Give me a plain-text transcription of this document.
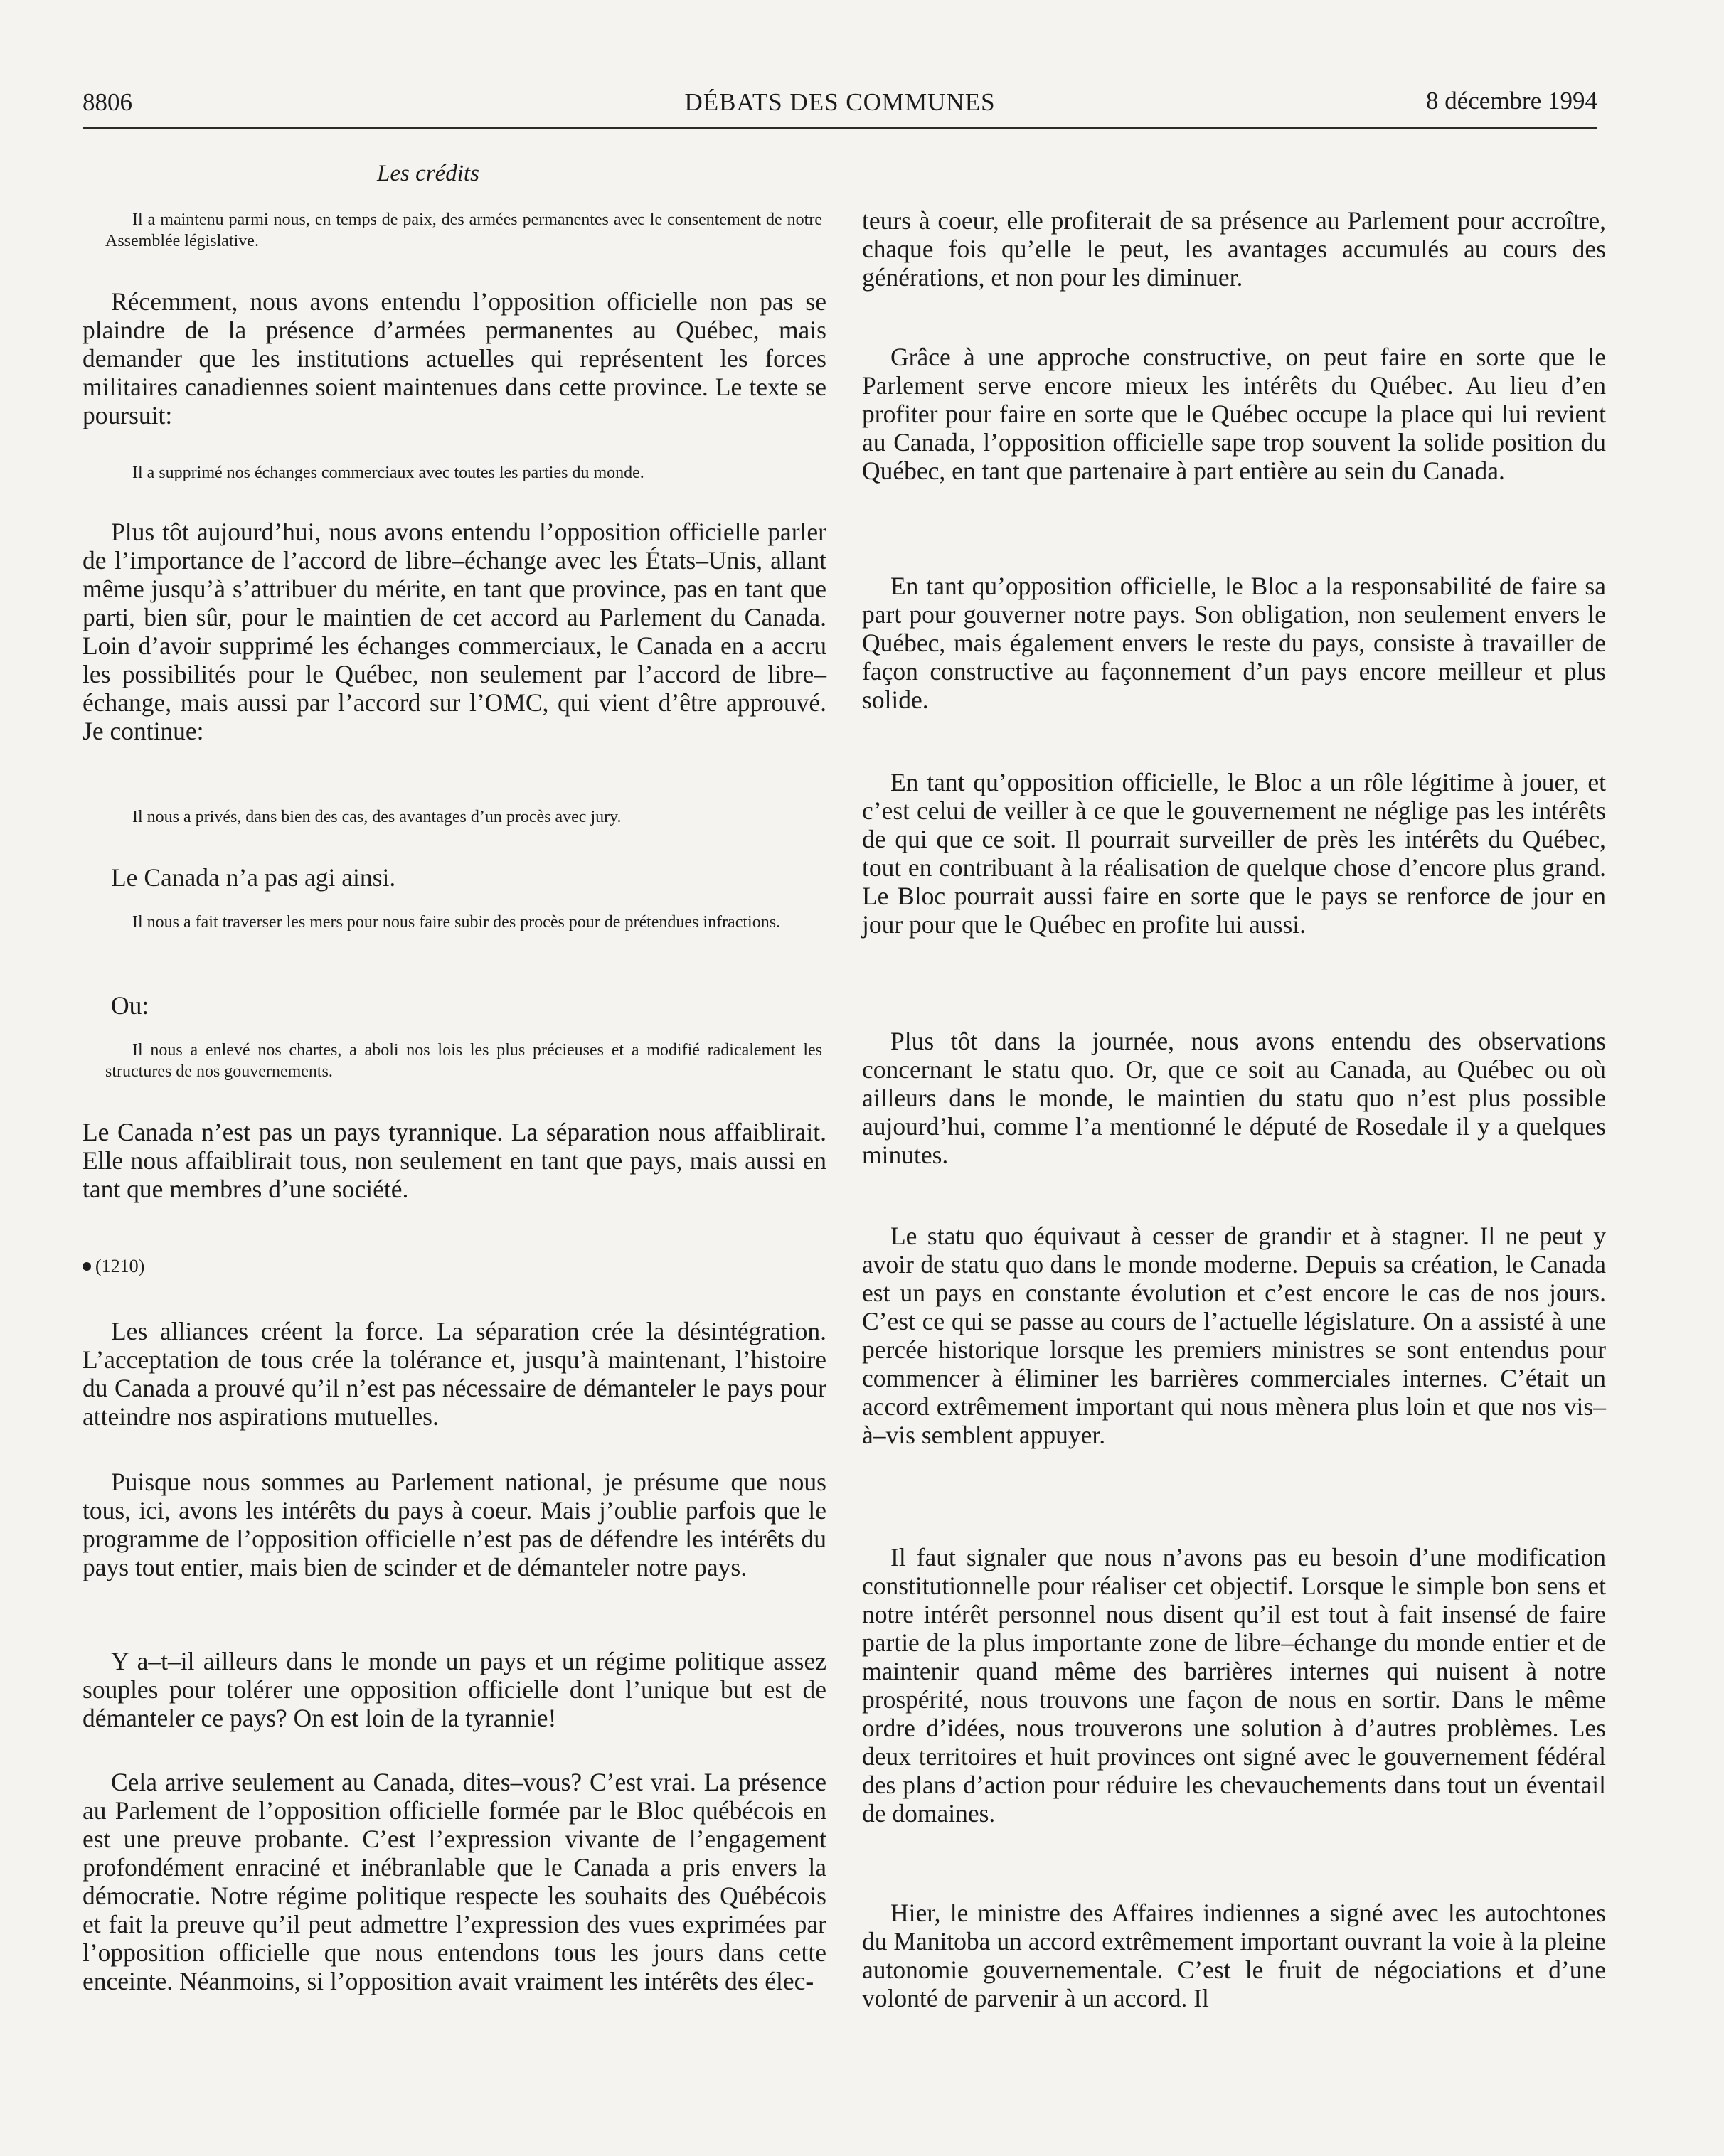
8806	DÉBATS DES COMMUNES	8 décembre 1994
Les crédits

Il a maintenu parmi nous, en temps de paix, des armées permanentes avec le consentement de notre Assemblée législative.

Récemment, nous avons entendu l’opposition officielle non pas se plaindre de la présence d’armées permanentes au Québec, mais demander que les institutions actuelles qui représentent les forces militaires canadiennes soient maintenues dans cette province. Le texte se poursuit:

Il a supprimé nos échanges commerciaux avec toutes les parties du monde.

Plus tôt aujourd’hui, nous avons entendu l’opposition officielle parler de l’importance de l’accord de libre–échange avec les États–Unis, allant même jusqu’à s’attribuer du mérite, en tant que province, pas en tant que parti, bien sûr, pour le maintien de cet accord au Parlement du Canada. Loin d’avoir supprimé les échanges commerciaux, le Canada en a accru les possibilités pour le Québec, non seulement par l’accord de libre–échange, mais aussi par l’accord sur l’OMC, qui vient d’être approuvé. Je continue:

Il nous a privés, dans bien des cas, des avantages d’un procès avec jury.

Le Canada n’a pas agi ainsi.

Il nous a fait traverser les mers pour nous faire subir des procès pour de prétendues infractions.

Ou:

Il nous a enlevé nos chartes, a aboli nos lois les plus précieuses et a modifié radicalement les structures de nos gouvernements.

Le Canada n’est pas un pays tyrannique. La séparation nous affaiblirait. Elle nous affaiblirait tous, non seulement en tant que pays, mais aussi en tant que membres d’une société.

(1210)

Les alliances créent la force. La séparation crée la désintégration. L’acceptation de tous crée la tolérance et, jusqu’à maintenant, l’histoire du Canada a prouvé qu’il n’est pas nécessaire de démanteler le pays pour atteindre nos aspirations mutuelles.

Puisque nous sommes au Parlement national, je présume que nous tous, ici, avons les intérêts du pays à coeur. Mais j’oublie parfois que le programme de l’opposition officielle n’est pas de défendre les intérêts du pays tout entier, mais bien de scinder et de démanteler notre pays.

Y a–t–il ailleurs dans le monde un pays et un régime politique assez souples pour tolérer une opposition officielle dont l’unique but est de démanteler ce pays? On est loin de la tyrannie!

Cela arrive seulement au Canada, dites–vous? C’est vrai. La présence au Parlement de l’opposition officielle formée par le Bloc québécois en est une preuve probante. C’est l’expression vivante de l’engagement profondément enraciné et inébranlable que le Canada a pris envers la démocratie. Notre régime politique respecte les souhaits des Québécois et fait la preuve qu’il peut admettre l’expression des vues exprimées par l’opposition officielle que nous entendons tous les jours dans cette enceinte. Néanmoins, si l’opposition avait vraiment les intérêts des élec-

teurs à coeur, elle profiterait de sa présence au Parlement pour accroître, chaque fois qu’elle le peut, les avantages accumulés au cours des générations, et non pour les diminuer.

Grâce à une approche constructive, on peut faire en sorte que le Parlement serve encore mieux les intérêts du Québec. Au lieu d’en profiter pour faire en sorte que le Québec occupe la place qui lui revient au Canada, l’opposition officielle sape trop souvent la solide position du Québec, en tant que partenaire à part entière au sein du Canada.

En tant qu’opposition officielle, le Bloc a la responsabilité de faire sa part pour gouverner notre pays. Son obligation, non seulement envers le Québec, mais également envers le reste du pays, consiste à travailler de façon constructive au façonnement d’un pays encore meilleur et plus solide.

En tant qu’opposition officielle, le Bloc a un rôle légitime à jouer, et c’est celui de veiller à ce que le gouvernement ne néglige pas les intérêts de qui que ce soit. Il pourrait surveiller de près les intérêts du Québec, tout en contribuant à la réalisation de quelque chose d’encore plus grand. Le Bloc pourrait aussi faire en sorte que le pays se renforce de jour en jour pour que le Québec en profite lui aussi.

Plus tôt dans la journée, nous avons entendu des observations concernant le statu quo. Or, que ce soit au Canada, au Québec ou où ailleurs dans le monde, le maintien du statu quo n’est plus possible aujourd’hui, comme l’a mentionné le député de Rosedale il y a quelques minutes.

Le statu quo équivaut à cesser de grandir et à stagner. Il ne peut y avoir de statu quo dans le monde moderne. Depuis sa création, le Canada est un pays en constante évolution et c’est encore le cas de nos jours. C’est ce qui se passe au cours de l’actuelle législature. On a assisté à une percée historique lorsque les premiers ministres se sont entendus pour commencer à éliminer les barrières commerciales internes. C’était un accord extrêmement important qui nous mènera plus loin et que nos vis–à–vis semblent appuyer.

Il faut signaler que nous n’avons pas eu besoin d’une modification constitutionnelle pour réaliser cet objectif. Lorsque le simple bon sens et notre intérêt personnel nous disent qu’il est tout à fait insensé de faire partie de la plus importante zone de libre–échange du monde entier et de maintenir quand même des barrières internes qui nuisent à notre prospérité, nous trouvons une façon de nous en sortir. Dans le même ordre d’idées, nous trouverons une solution à d’autres problèmes. Les deux territoires et huit provinces ont signé avec le gouvernement fédéral des plans d’action pour réduire les chevauchements dans tout un éventail de domaines.

Hier, le ministre des Affaires indiennes a signé avec les autochtones du Manitoba un accord extrêmement important ouvrant la voie à la pleine autonomie gouvernementale. C’est le fruit de négociations et d’une volonté de parvenir à un accord. Il
